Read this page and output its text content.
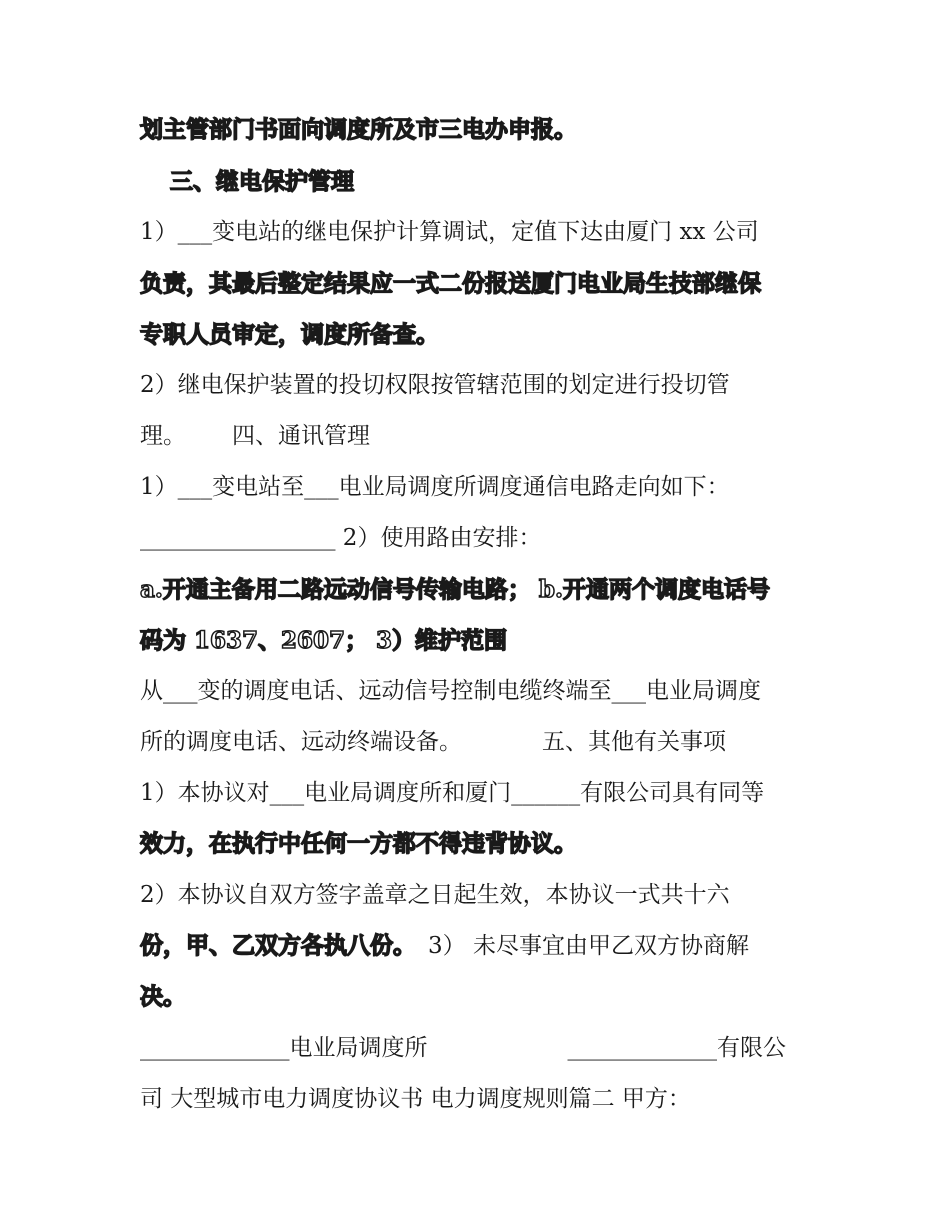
划主管部门书面向调度所及市三电办申报。
三、继电保护管理
1）___变电站的继电保护计算调试，定值下达由厦门 xx 公司
负责，其最后整定结果应一式二份报送厦门电业局生技部继保
专职人员审定，调度所备查。
2）继电保护装置的投切权限按管辖范围的划定进行投切管
理。 四、通讯管理
1）___变电站至___电业局调度所调度通信电路走向如下：
_________________ 2）使用路由安排：
a.开通主备用二路远动信号传输电路； b.开通两个调度电话号
码为 1637、2607； 3）维护范围
从___变的调度电话、远动信号控制电缆终端至___电业局调度
所的调度电话、远动终端设备。	五、其他有关事项
1）本协议对___电业局调度所和厦门______有限公司具有同等
效力，在执行中任何一方都不得违背协议。
2）本协议自双方签字盖章之日起生效，本协议一式共十六
份，甲、乙双方各执八份。 3） 未尽事宜由甲乙双方协商解
决。
_____________电业局调度所	_____________有限公
司 大型城市电力调度协议书 电力调度规则篇二 甲方：
